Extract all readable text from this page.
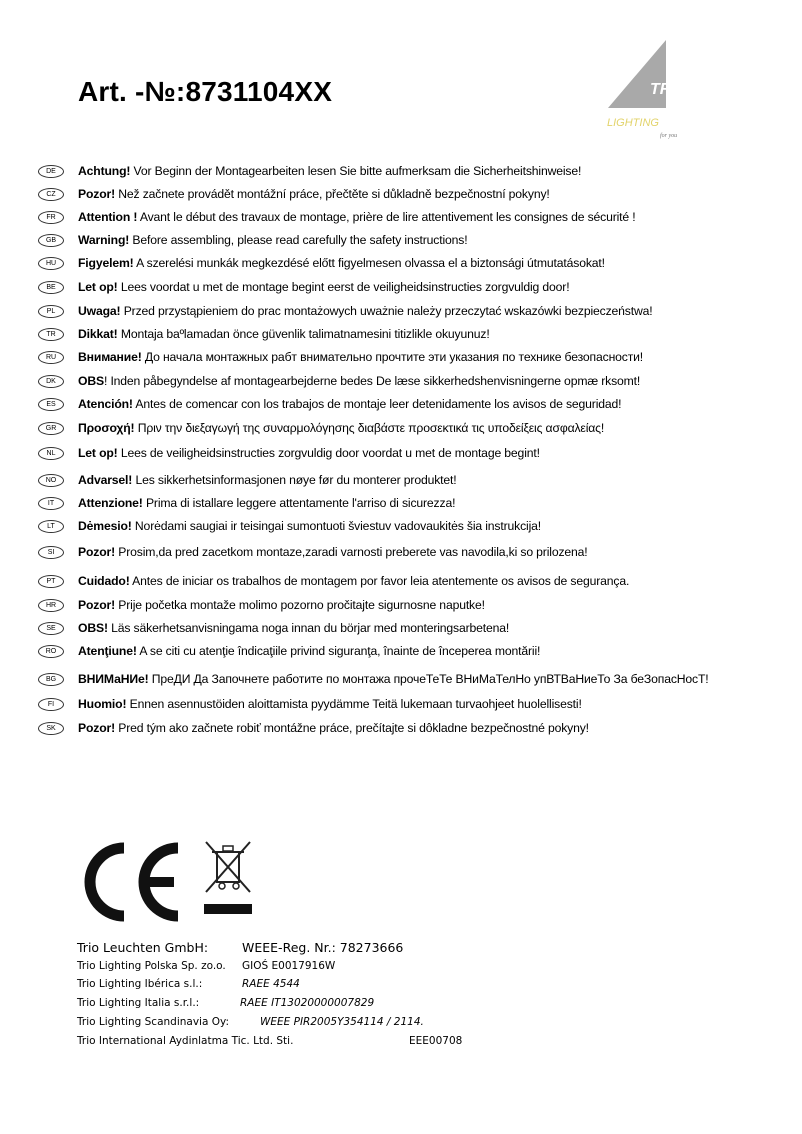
Art. -№:8731104XX	TRIO
LIGHTING
for you
DE	Achtung! Vor Beginn der Montagearbeiten lesen Sie bitte aufmerksam die Sicherheitshinweise!
CZ	Pozor! Než začnete provádět montážní práce, přečtěte si důkladně bezpečnostní pokyny!
FR	Attention ! Avant le début des travaux de montage, prière de lire attentivement les consignes de sécurité !
GB	Warning! Before assembling, please read carefully the safety instructions!
HU	Figyelem! A szerelési munkák megkezdésé előtt figyelmesen olvassa el a biztonsági útmutatásokat!
BE	Let op! Lees voordat u met de montage begint eerst de veiligheidsinstructies zorgvuldig door!
PL	Uwaga! Przed przystąpieniem do prac montażowych uważnie należy przeczytać wskazówki bezpieczeństwa!
TR	Dikkat! Montaja baºlamadan önce güvenlik talimatnamesini titizlikle okuyunuz!
RU	Внимание! До начала монтажных рабт внимательно прочтите эти указания по технике безопасности!
DK	OBS! Inden påbegyndelse af montagearbejderne bedes De læse sikkerhedshenvisningerne opmæ rksomt!
ES	Atención! Antes de comencar con los trabajos de montaje leer detenidamente los avisos de seguridad!
GR	Προσοχή! Πριν την διεξαγωγή της συναρμολόγησης διαβάστε προσεκτικά τις υποδείξεις ασφαλείας!
NL	Let op! Lees de veiligheidsinstructies zorgvuldig door voordat u met de montage begint!
NO	Advarsel! Les sikkerhetsinformasjonen nøye før du monterer produktet!
IT	Attenzione! Prima di istallare leggere attentamente l'arriso di sicurezza!
LT	Dėmesio! Norėdami saugiai ir teisingai sumontuoti šviestuv vadovaukitės šia instrukcija!
SI	Pozor! Prosim,da pred zacetkom montaze,zaradi varnosti preberete vas navodila,ki so prilozena!
PT	Cuidado! Antes de iniciar os trabalhos de montagem por favor leia atentemente os avisos de segurança.
HR	Pozor! Prije početka montaže molimo pozorno pročitajte sigurnosne naputke!
SE	OBS! Läs säkerhetsanvisningama noga innan du börjar med monteringsarbetena!
RO	Atenţiune! A se citi cu atenţie îndicaţiile privind siguranţa, înainte de începerea montării!
BG	ВНИМаНИе! ПреДИ Да Започнете работите по монтажа прочеТеТе ВНиМаТелНо упВТВаНиеТо За беЗопасНосТ!
FI	Huomio! Ennen asennustöiden aloittamista pyydämme Teitä lukemaan turvaohjeet huolellisesti!
SK	Pozor! Pred tým ako začnete robiť montážne práce, prečítajte si dôkladne bezpečnostné pokyny!
Trio Leuchten GmbH:	WEEE-Reg. Nr.: 78273666
Trio Lighting Polska Sp. zo.o. GIOŚ E0017916W
Trio Lighting Ibérica s.l.:	RAEE 4544
Trio Lighting Italia s.r.l.:	RAEE IT13020000007829
Trio Lighting Scandinavia Oy:	WEEE PIR2005Y354114 / 2114.
Trio International Aydinlatma Tic. Ltd. Sti.	EEE00708
